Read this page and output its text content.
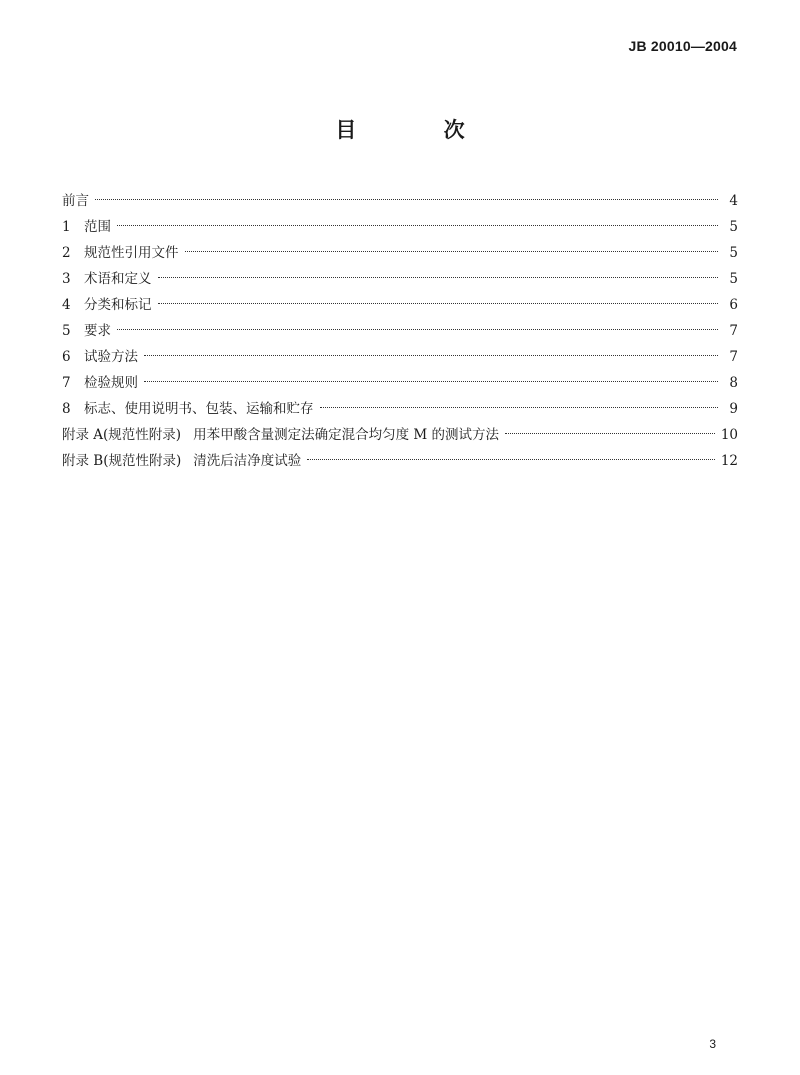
JB 20010—2004
目 次
前言	4
1 范围	5
2 规范性引用文件	5
3 术语和定义	5
4 分类和标记	6
5 要求	7
6 试验方法	7
7 检验规则	8
8 标志、使用说明书、包装、运输和贮存	9
附录 A(规范性附录) 用苯甲酸含量测定法确定混合均匀度 M 的测试方法	10
附录 B(规范性附录) 清洗后洁净度试验	12
3
